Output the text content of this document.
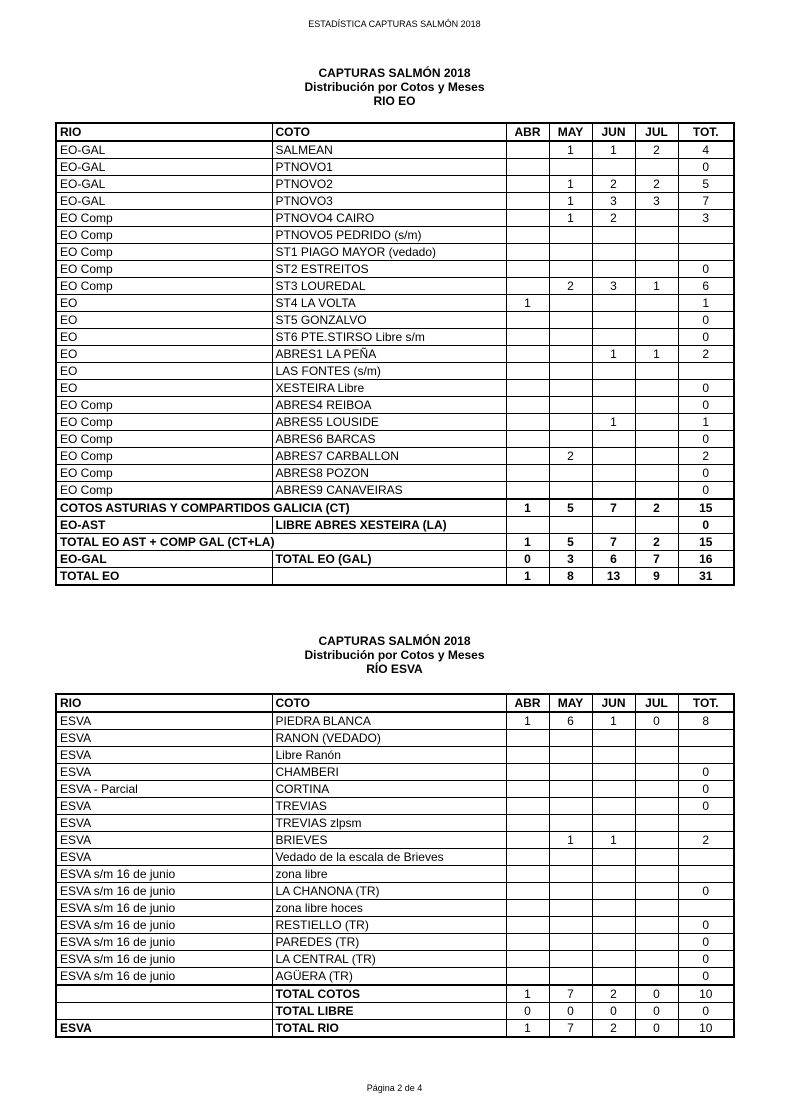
ESTADÍSTICA CAPTURAS SALMÓN 2018
CAPTURAS SALMÓN 2018
Distribución por Cotos y Meses
RIO EO
RIO	COTO	ABR	MAY	JUN	JUL	TOT.
EO-GAL	SALMEAN		1	1	2	4
EO-GAL	PTNOVO1					0
EO-GAL	PTNOVO2		1	2	2	5
EO-GAL	PTNOVO3		1	3	3	7
EO Comp	PTNOVO4 CAIRO		1	2		3
EO Comp	PTNOVO5 PEDRIDO (s/m)					
EO Comp	ST1 PIAGO MAYOR (vedado)					
EO Comp	ST2 ESTREITOS					0
EO Comp	ST3 LOUREDAL		2	3	1	6
EO	ST4 LA VOLTA	1				1
EO	ST5 GONZALVO					0
EO	ST6 PTE.STIRSO Libre s/m					0
EO	ABRES1 LA PEÑA			1	1	2
EO	LAS FONTES (s/m)					
EO	XESTEIRA Libre					0
EO Comp	ABRES4 REIBOA					0
EO Comp	ABRES5 LOUSIDE			1		1
EO Comp	ABRES6 BARCAS					0
EO Comp	ABRES7 CARBALLON		2			2
EO Comp	ABRES8 POZON					0
EO Comp	ABRES9 CANAVEIRAS					0
COTOS ASTURIAS Y COMPARTIDOS GALICIA (CT)		1	5	7	2	15
EO-AST	LIBRE ABRES XESTEIRA (LA)					0
TOTAL EO AST + COMP GAL (CT+LA)		1	5	7	2	15
EO-GAL	TOTAL EO (GAL)	0	3	6	7	16
TOTAL EO		1	8	13	9	31
CAPTURAS SALMÓN 2018
Distribución por Cotos y Meses
RÍO ESVA
RIO	COTO	ABR	MAY	JUN	JUL	TOT.
ESVA	PIEDRA BLANCA	1	6	1	0	8
ESVA	RANON (VEDADO)					
ESVA	Libre Ranón					
ESVA	CHAMBERI					0
ESVA - Parcial	CORTINA					0
ESVA	TREVIAS					0
ESVA	TREVIAS zlpsm					
ESVA	BRIEVES		1	1		2
ESVA	Vedado de la escala de Brieves					
ESVA s/m 16 de junio	zona libre					
ESVA s/m 16 de junio	LA CHANONA (TR)					0
ESVA s/m 16 de junio	zona libre hoces					
ESVA s/m 16 de junio	RESTIELLO (TR)					0
ESVA s/m 16 de junio	PAREDES (TR)					0
ESVA s/m 16 de junio	LA CENTRAL (TR)					0
ESVA s/m 16 de junio	AGÜERA (TR)					0
	TOTAL COTOS	1	7	2	0	10
	TOTAL LIBRE	0	0	0	0	0
ESVA	TOTAL RIO	1	7	2	0	10
Página 2 de 4
